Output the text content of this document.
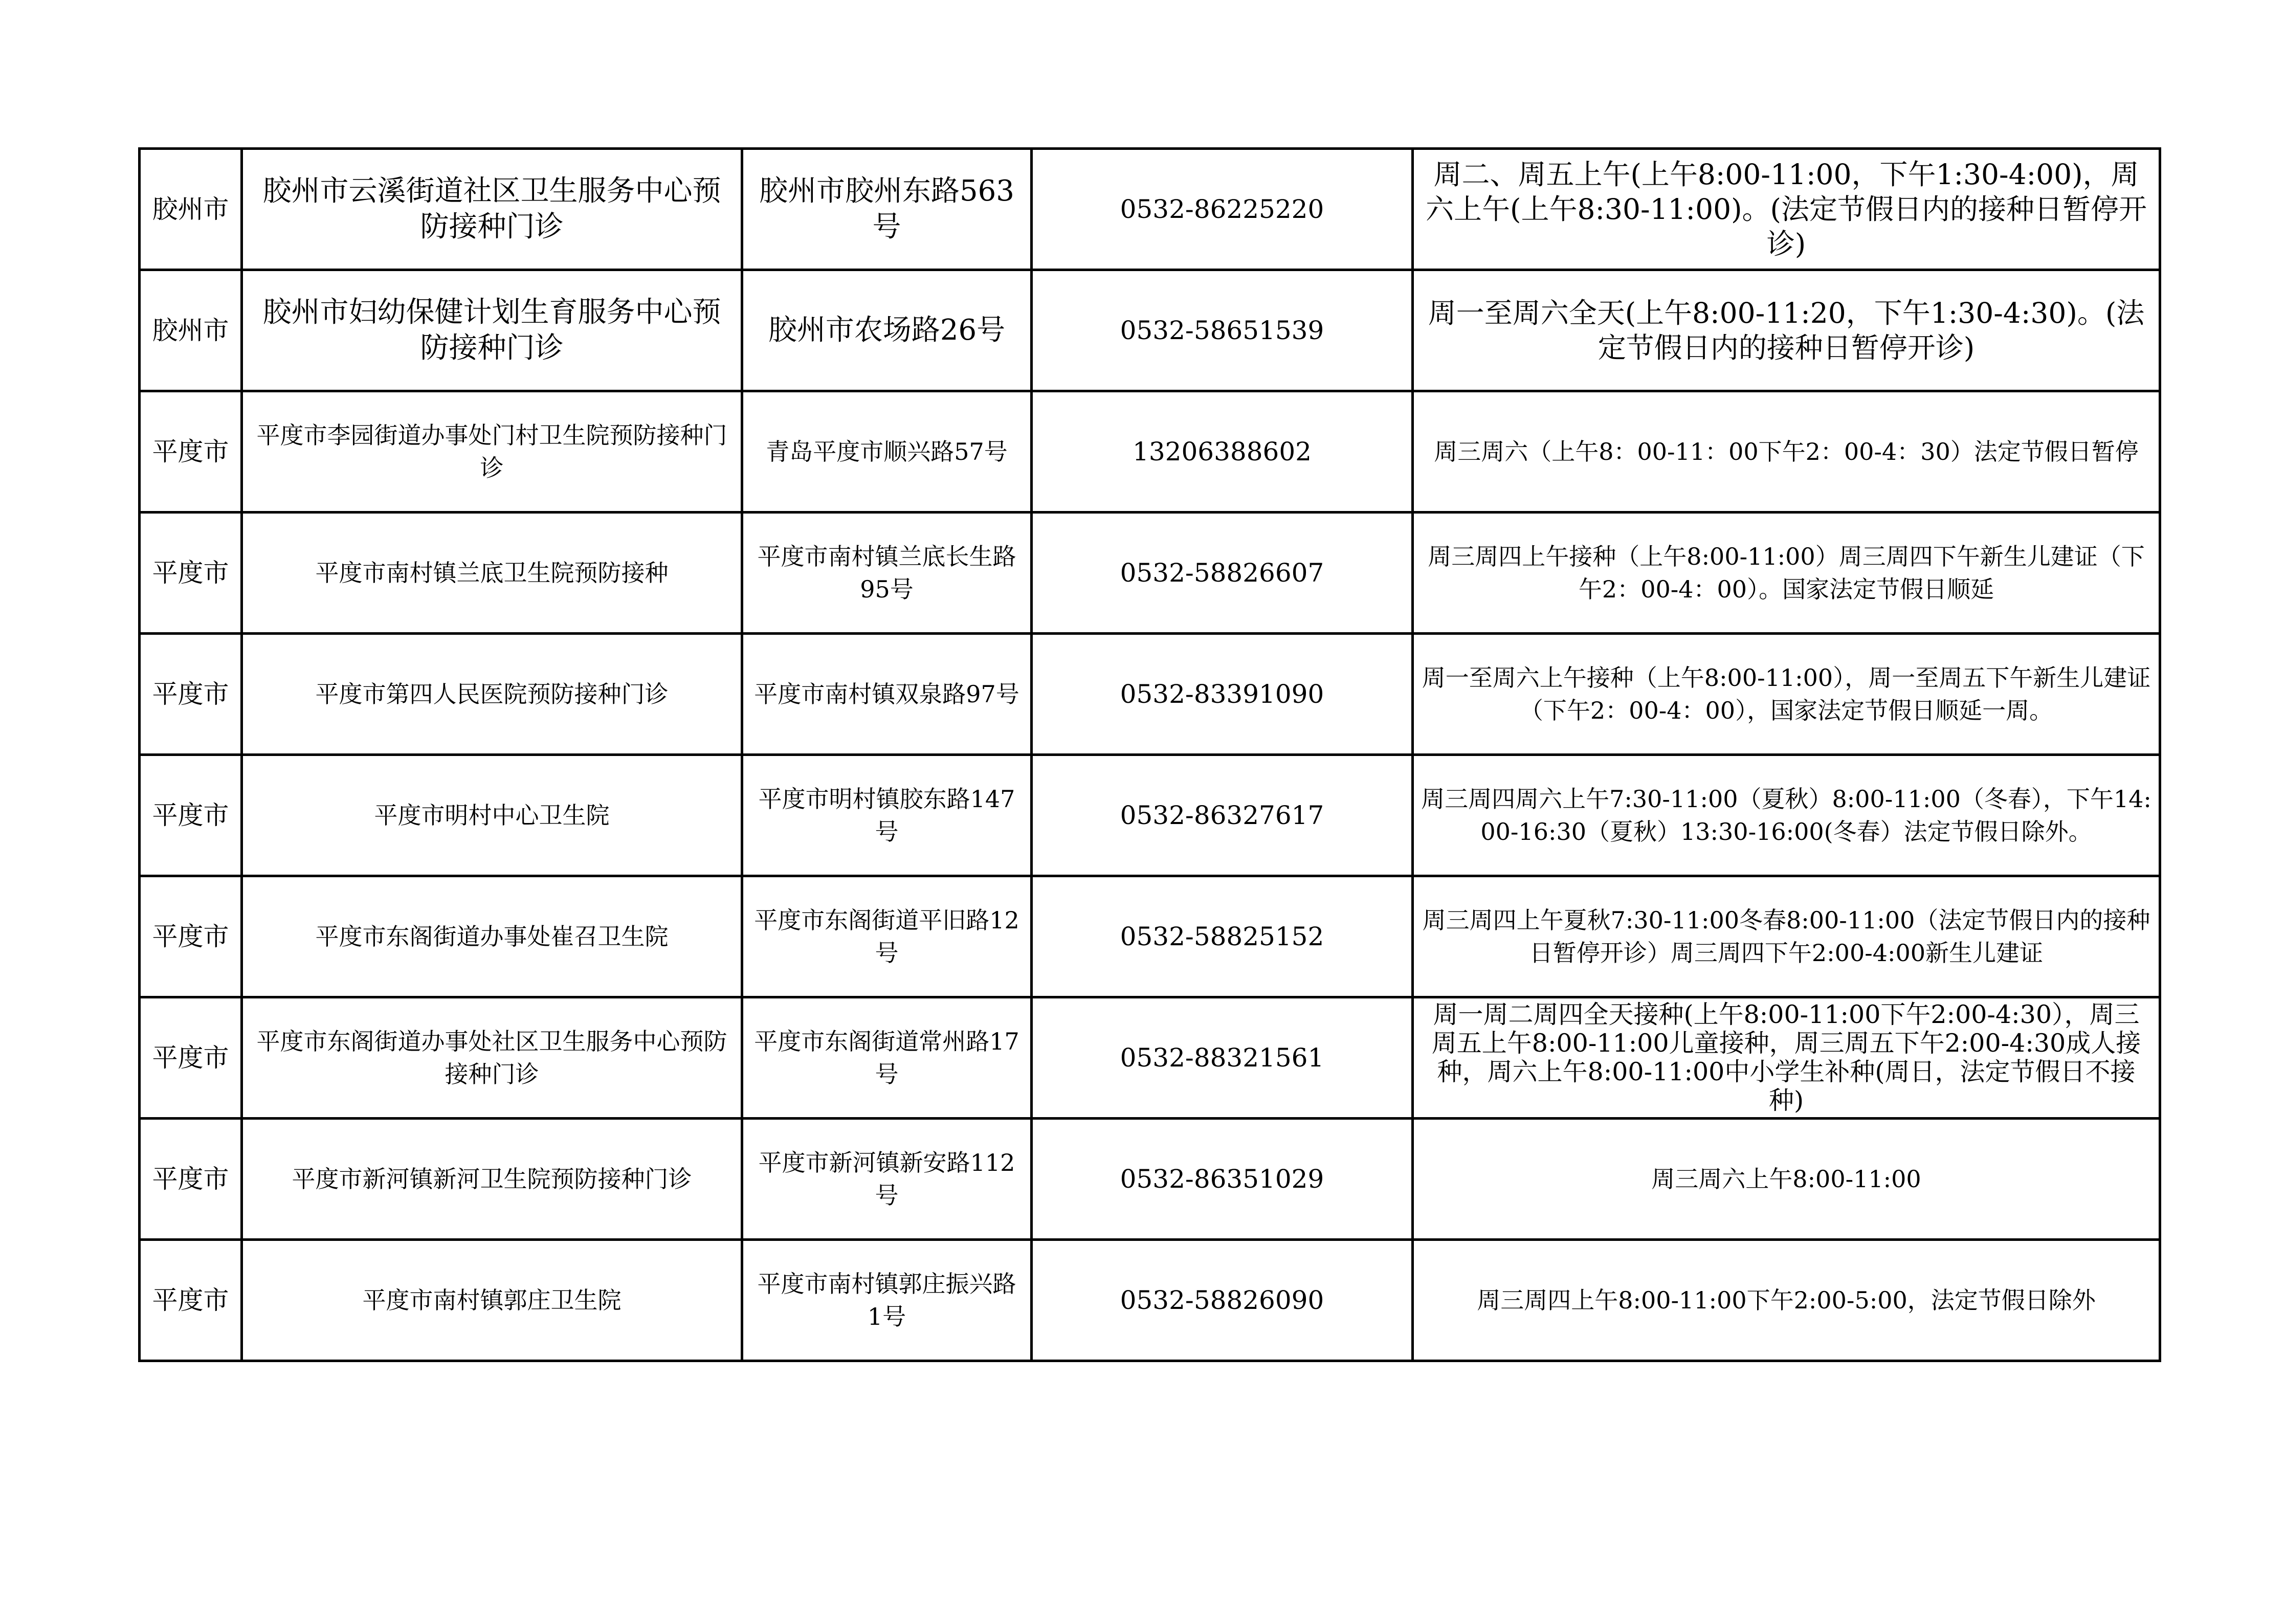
胶州市	胶州市云溪街道社区卫生服务中心预防接种门诊	胶州市胶州东路563号	0532-86225220	周二、周五上午(上午8:00-11:00，下午1:30-4:00)，周六上午(上午8:30-11:00)。(法定节假日内的接种日暂停开诊)
胶州市	胶州市妇幼保健计划生育服务中心预防接种门诊	胶州市农场路26号	0532-58651539	周一至周六全天(上午8:00-11:20，下午1:30-4:30)。(法定节假日内的接种日暂停开诊)
平度市	平度市李园街道办事处门村卫生院预防接种门诊	青岛平度市顺兴路57号	13206388602	周三周六（上午8：00-11：00下午2：00-4：30）法定节假日暂停
平度市	平度市南村镇兰底卫生院预防接种	平度市南村镇兰底长生路95号	0532-58826607	周三周四上午接种（上午8:00-11:00）周三周四下午新生儿建证（下午2：00-4：00）。国家法定节假日顺延
平度市	平度市第四人民医院预防接种门诊	平度市南村镇双泉路97号	0532-83391090	周一至周六上午接种（上午8:00-11:00），周一至周五下午新生儿建证（下午2：00-4：00），国家法定节假日顺延一周。
平度市	平度市明村中心卫生院	平度市明村镇胶东路147号	0532-86327617	周三周四周六上午7:30-11:00（夏秋）8:00-11:00（冬春），下午14:00-16:30（夏秋）13:30-16:00(冬春）法定节假日除外。
平度市	平度市东阁街道办事处崔召卫生院	平度市东阁街道平旧路12号	0532-58825152	周三周四上午夏秋7:30-11:00冬春8:00-11:00（法定节假日内的接种日暂停开诊）周三周四下午2:00-4:00新生儿建证
平度市	平度市东阁街道办事处社区卫生服务中心预防接种门诊	平度市东阁街道常州路17号	0532-88321561	周一周二周四全天接种(上午8:00-11:00下午2:00-4:30），周三周五上午8:00-11:00儿童接种，周三周五下午2:00-4:30成人接种，周六上午8:00-11:00中小学生补种(周日，法定节假日不接种)
平度市	平度市新河镇新河卫生院预防接种门诊	平度市新河镇新安路112号	0532-86351029	周三周六上午8:00-11:00
平度市	平度市南村镇郭庄卫生院	平度市南村镇郭庄振兴路1号	0532-58826090	周三周四上午8:00-11:00下午2:00-5:00，法定节假日除外
